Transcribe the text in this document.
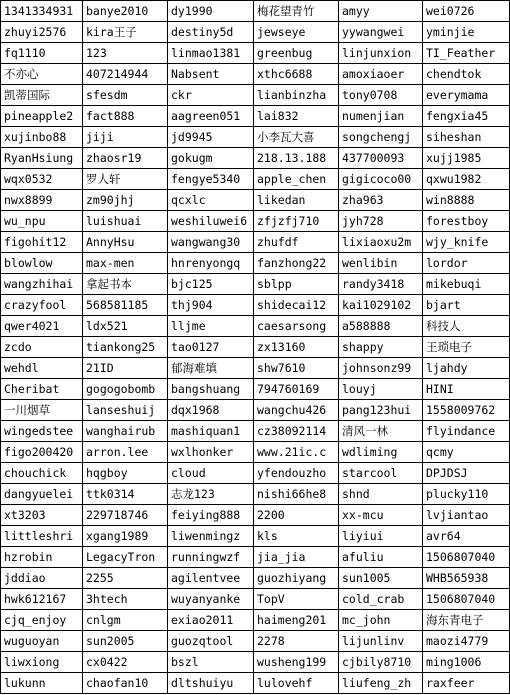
1341334931	banye2010	dy1990	梅花望青竹	amyy	wei0726
zhuyi2576	kira王子	destiny5d	jewseye	yywangwei	yminjie
fq1110	123	linmao1381	greenbug	linjunxion	TI_Feather
不亦心	407214944	Nabsent	xthc6688	amoxiaoer	chendtok
凯蒂国际	sfesdm	ckr	lianbinzha	tony0708	everymama
pineapple2	fact888	aagreen051	lai832	numenjian	fengxia45
xujinbo88	jiji	jd9945	小李瓦大喜	songchengj	siheshan
RyanHsiung	zhaosr19	gokugm	218.13.188	437700093	xujj1985
wqx0532	罗人轩	fengye5340	apple_chen	gigicoco00	qxwu1982
nwx8899	zm90jhj	qcxlc	likedan	zha963	win8888
wu_npu	luishuai	weshiluwei6	zfjzfj710	jyh728	forestboy
figohit12	AnnyHsu	wangwang30	zhufdf	lixiaoxu2m	wjy_knife
blowlow	max-men	hnrenyongq	fanzhong22	wenlibin	lordor
wangzhihai	拿起书本	bjc125	sblpp	randy3418	mikebuqi
crazyfool	568581185	thj904	shidecai12	kai1029102	bjart
qwer4021	ldx521	lljme	caesarsong	a588888	科技人
zcdo	tiankong25	tao0127	zx13160	shappy	王琐电子
wehdl	21ID	郁海难填	shw7610	johnsonz99	ljahdy
Cheribat	gogogobomb	bangshuang	794760169	louyj	HINI
一川烟草	lanseshuij	dqx1968	wangchu426	pang123hui	1558009762
wingedstee	wanghairub	mashiquan1	cz38092114	清风一林	flyindance
figo200420	arron.lee	wxlhonker	www.21ic.c	wdliming	qcmy
chouchick	hqgboy	cloud	yfendouzho	starcool	DPJDSJ
dangyuelei	ttk0314	志龙123	nishi66he8	shnd	plucky110
xt3203	229718746	feiying888	2200	xx-mcu	lvjiantao
littleshri	xgang1989	liwenmingz	kls	liyiui	avr64
hzrobin	LegacyTron	runningwzf	jia_jia	afuliu	1506807040
jddiao	2255	agilentvee	guozhiyang	sun1005	WHB565938
hwk612167	3htech	wuyanyanke	TopV	cold_crab	1506807040
cjq_enjoy	cnlgm	exiao2011	haimeng201	mc_john	海东青电子
wuguoyan	sun2005	guozqtool	2278	lijunlinv	maozi4779
liwxiong	cx0422	bszl	wusheng199	cjbily8710	ming1006
lukunn	chaofan10	dltshuiyu	lulovehf	liufeng_zh	raxfeer
